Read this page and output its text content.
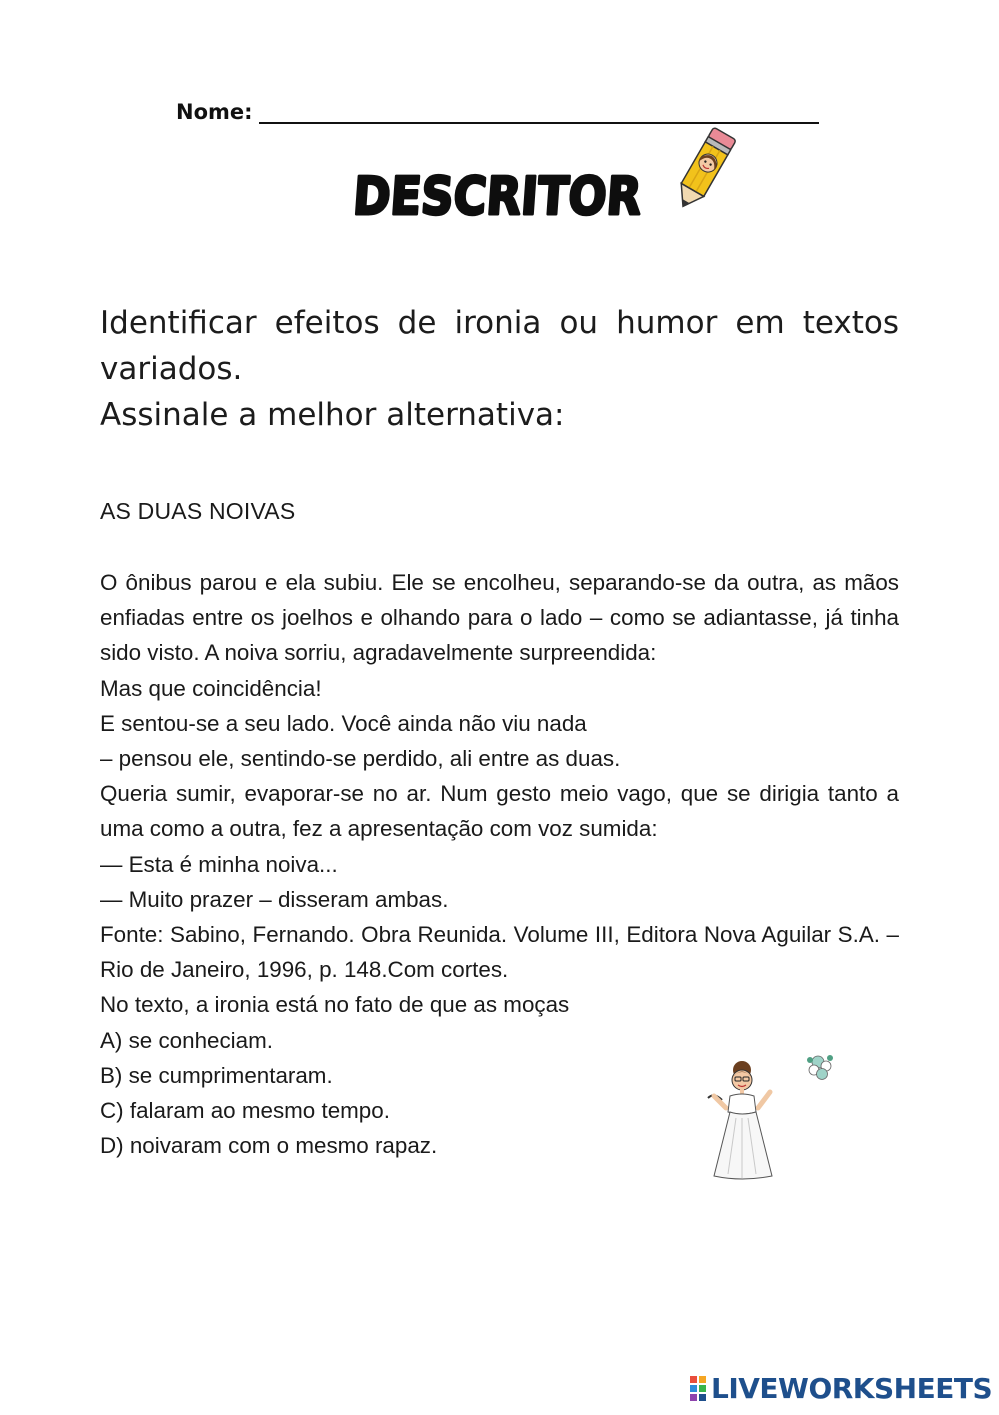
Nome:
DESCRITOR
Identificar efeitos de ironia ou humor em textos variados.
Assinale a melhor alternativa:
AS DUAS NOIVAS

O ônibus parou e ela subiu. Ele se encolheu, separando-se da outra, as mãos enfiadas entre os joelhos e olhando para o lado – como se adiantasse, já tinha sido visto. A noiva sorriu, agradavelmente surpreendida:

Mas que coincidência!

E sentou-se a seu lado. Você ainda não viu nada

– pensou ele, sentindo-se perdido, ali entre as duas.

Queria sumir, evaporar-se no ar. Num gesto meio vago, que se dirigia tanto a uma como a outra, fez a apresentação com voz sumida:

— Esta é minha noiva...

— Muito prazer – disseram ambas.

Fonte: Sabino, Fernando. Obra Reunida. Volume III, Editora Nova Aguilar S.A. – Rio de Janeiro, 1996, p. 148.Com cortes.

No texto, a ironia está no fato de que as moças

A) se conheciam.

B) se cumprimentaram.

C) falaram ao mesmo tempo.

D) noivaram com o mesmo rapaz.

LIVEWORKSHEETS
